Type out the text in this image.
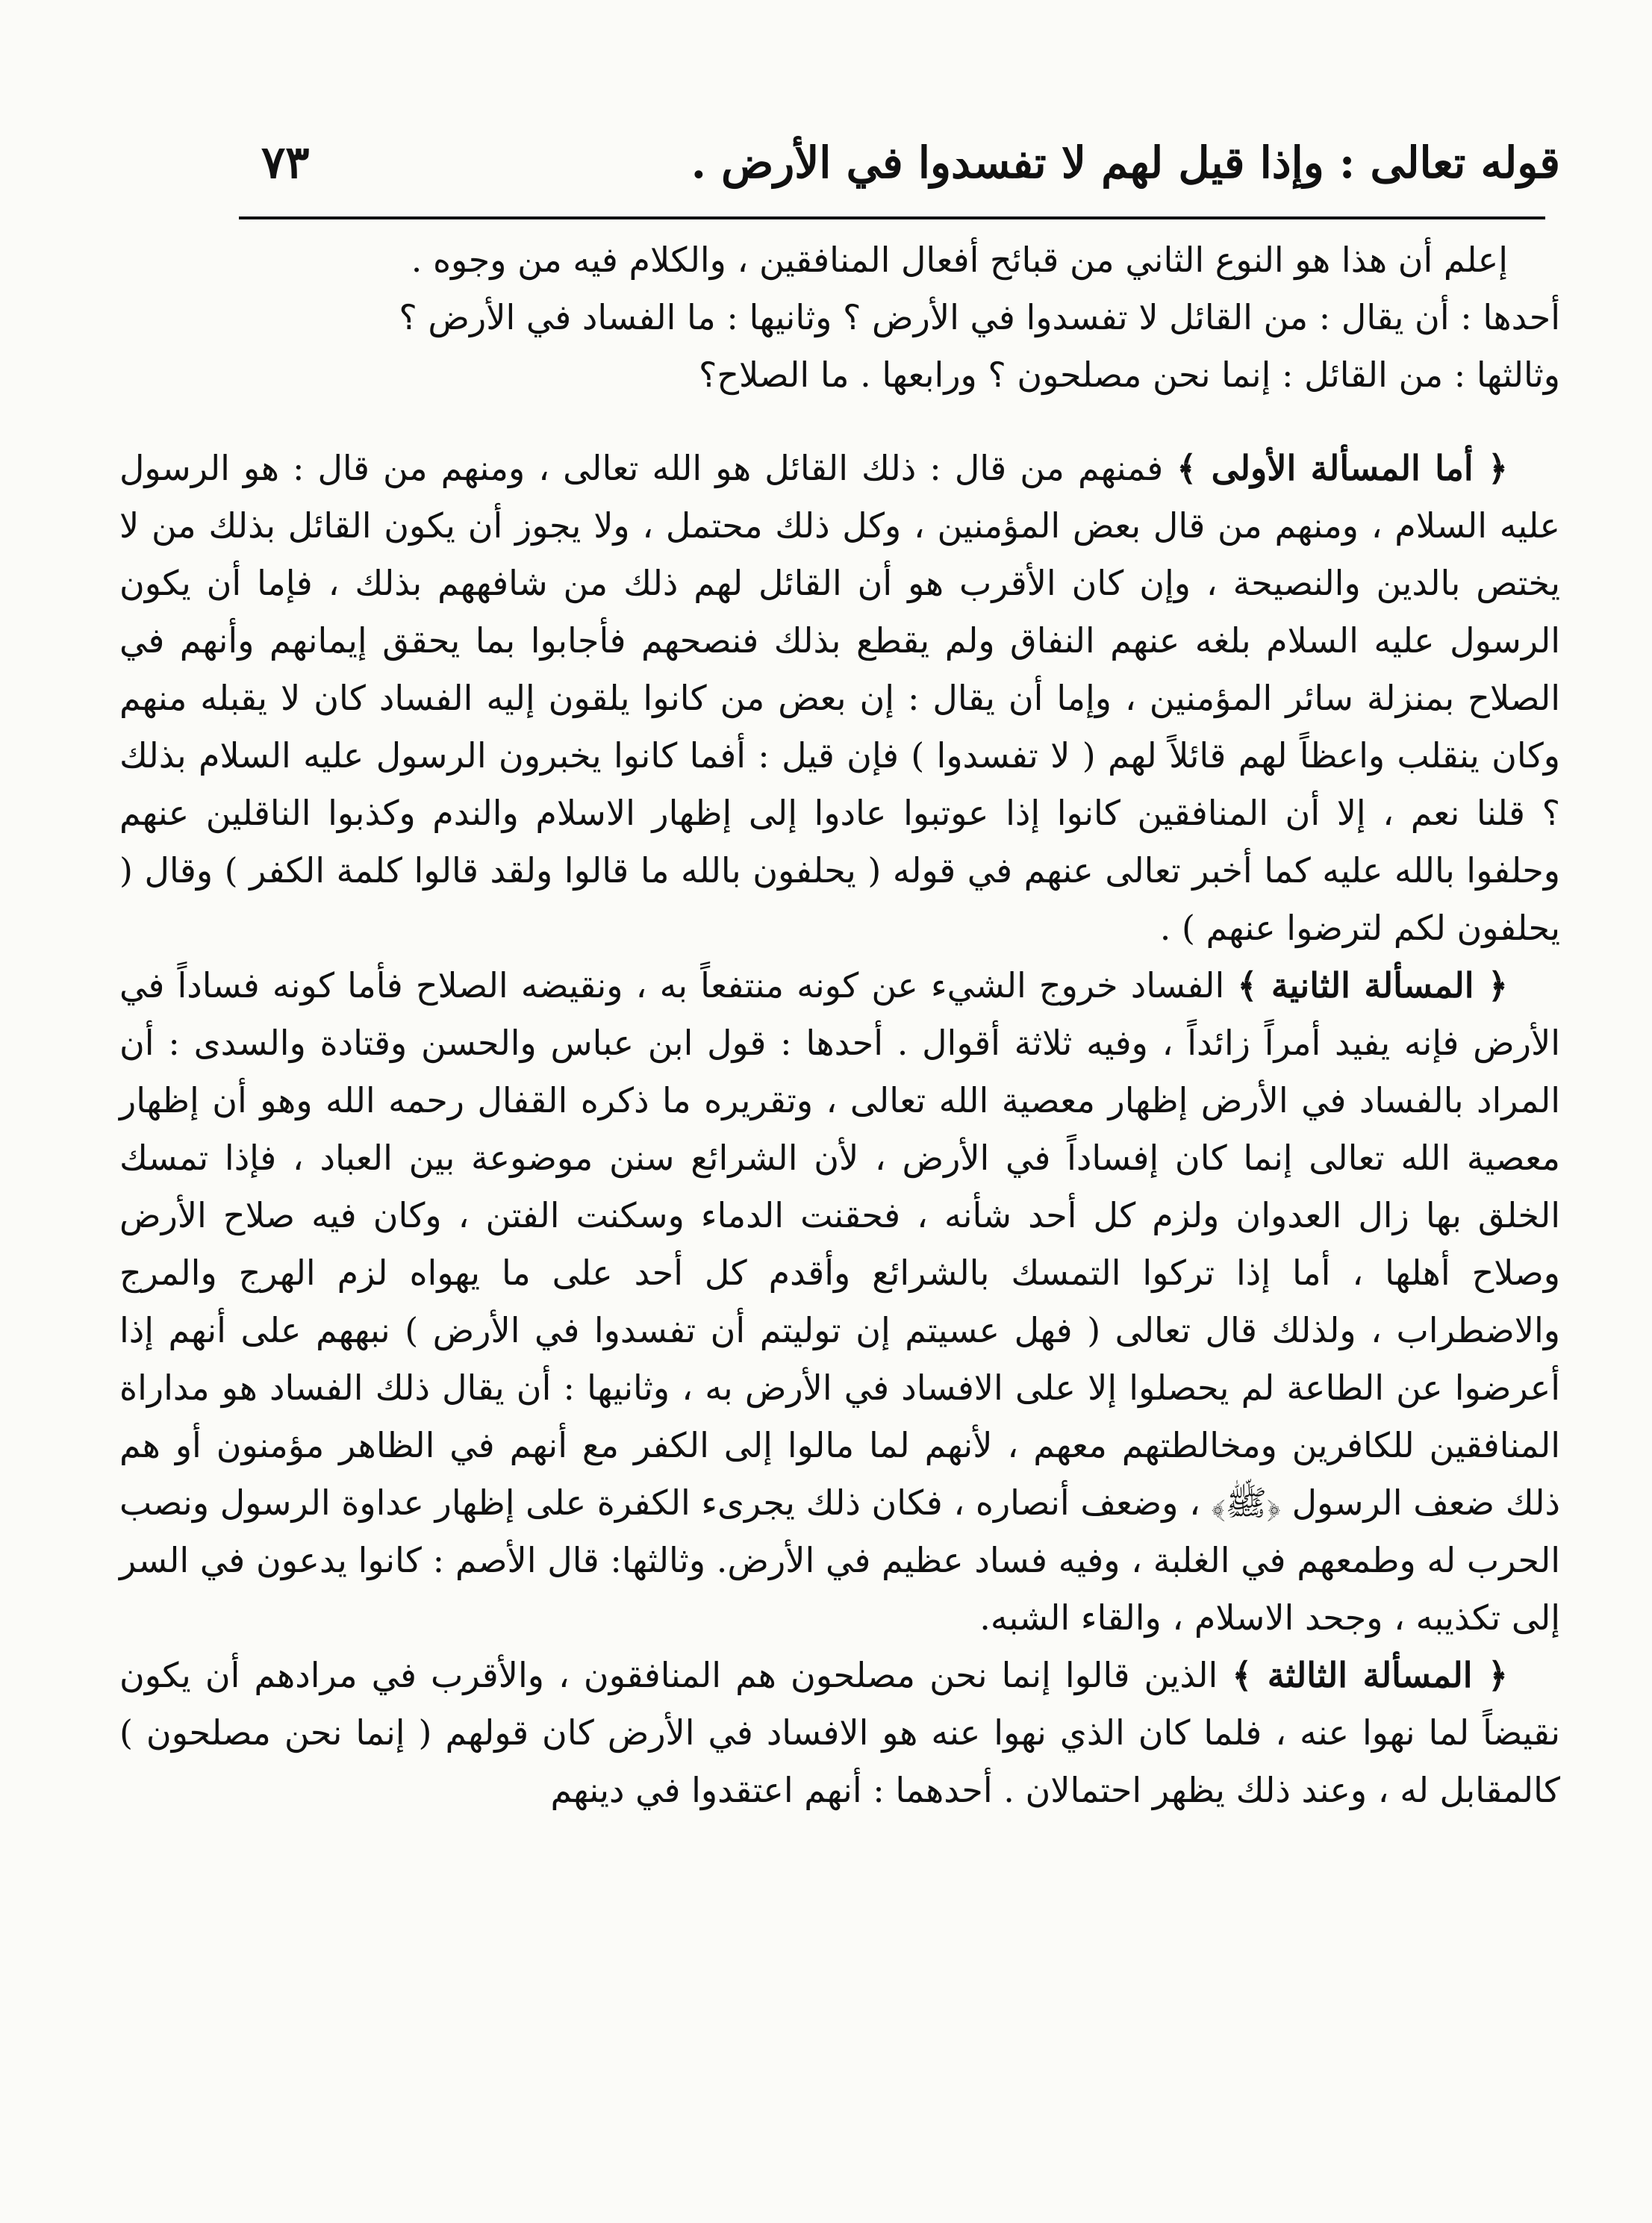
قوله تعالى : وإذا قيل لهم لا تفسدوا في الأرض .
٧٣

إعلم أن هذا هو النوع الثاني من قبائح أفعال المنافقين ، والكلام فيه من وجوه .
أحدها : أن يقال : من القائل لا تفسدوا في الأرض ؟ وثانيها : ما الفساد في الأرض ؟
وثالثها : من القائل : إنما نحن مصلحون ؟ ورابعها . ما الصلاح؟

﴿ أما المسألة الأولى ﴾ فمنهم من قال : ذلك القائل هو الله تعالى ، ومنهم من قال : هو الرسول عليه السلام ، ومنهم من قال بعض المؤمنين ، وكل ذلك محتمل ، ولا يجوز أن يكون القائل بذلك من لا يختص بالدين والنصيحة ، وإن كان الأقرب هو أن القائل لهم ذلك من شافههم بذلك ، فإما أن يكون الرسول عليه السلام بلغه عنهم النفاق ولم يقطع بذلك فنصحهم فأجابوا بما يحقق إيمانهم وأنهم في الصلاح بمنزلة سائر المؤمنين ، وإما أن يقال : إن بعض من كانوا يلقون إليه الفساد كان لا يقبله منهم وكان ينقلب واعظاً لهم قائلاً لهم ( لا تفسدوا ) فإن قيل : أفما كانوا يخبرون الرسول عليه السلام بذلك ؟ قلنا نعم ، إلا أن المنافقين كانوا إذا عوتبوا عادوا إلى إظهار الاسلام والندم وكذبوا الناقلين عنهم وحلفوا بالله عليه كما أخبر تعالى عنهم في قوله ( يحلفون بالله ما قالوا ولقد قالوا كلمة الكفر ) وقال ( يحلفون لكم لترضوا عنهم ) .

﴿ المسألة الثانية ﴾ الفساد خروج الشيء عن كونه منتفعاً به ، ونقيضه الصلاح فأما كونه فساداً في الأرض فإنه يفيد أمراً زائداً ، وفيه ثلاثة أقوال . أحدها : قول ابن عباس والحسن وقتادة والسدى : أن المراد بالفساد في الأرض إظهار معصية الله تعالى ، وتقريره ما ذكره القفال رحمه الله وهو أن إظهار معصية الله تعالى إنما كان إفساداً في الأرض ، لأن الشرائع سنن موضوعة بين العباد ، فإذا تمسك الخلق بها زال العدوان ولزم كل أحد شأنه ، فحقنت الدماء وسكنت الفتن ، وكان فيه صلاح الأرض وصلاح أهلها ، أما إذا تركوا التمسك بالشرائع وأقدم كل أحد على ما يهواه لزم الهرج والمرج والاضطراب ، ولذلك قال تعالى ( فهل عسيتم إن توليتم أن تفسدوا في الأرض ) نبههم على أنهم إذا أعرضوا عن الطاعة لم يحصلوا إلا على الافساد في الأرض به ، وثانيها : أن يقال ذلك الفساد هو مداراة المنافقين للكافرين ومخالطتهم معهم ، لأنهم لما مالوا إلى الكفر مع أنهم في الظاهر مؤمنون أو هم ذلك ضعف الرسول ﴿ﷺ﴾ ، وضعف أنصاره ، فكان ذلك يجرىء الكفرة على إظهار عداوة الرسول ونصب الحرب له وطمعهم في الغلبة ، وفيه فساد عظيم في الأرض. وثالثها: قال الأصم : كانوا يدعون في السر إلى تكذيبه ، وجحد الاسلام ، والقاء الشبه.

﴿ المسألة الثالثة ﴾ الذين قالوا إنما نحن مصلحون هم المنافقون ، والأقرب في مرادهم أن يكون نقيضاً لما نهوا عنه ، فلما كان الذي نهوا عنه هو الافساد في الأرض كان قولهم ( إنما نحن مصلحون ) كالمقابل له ، وعند ذلك يظهر احتمالان . أحدهما : أنهم اعتقدوا في دينهم
